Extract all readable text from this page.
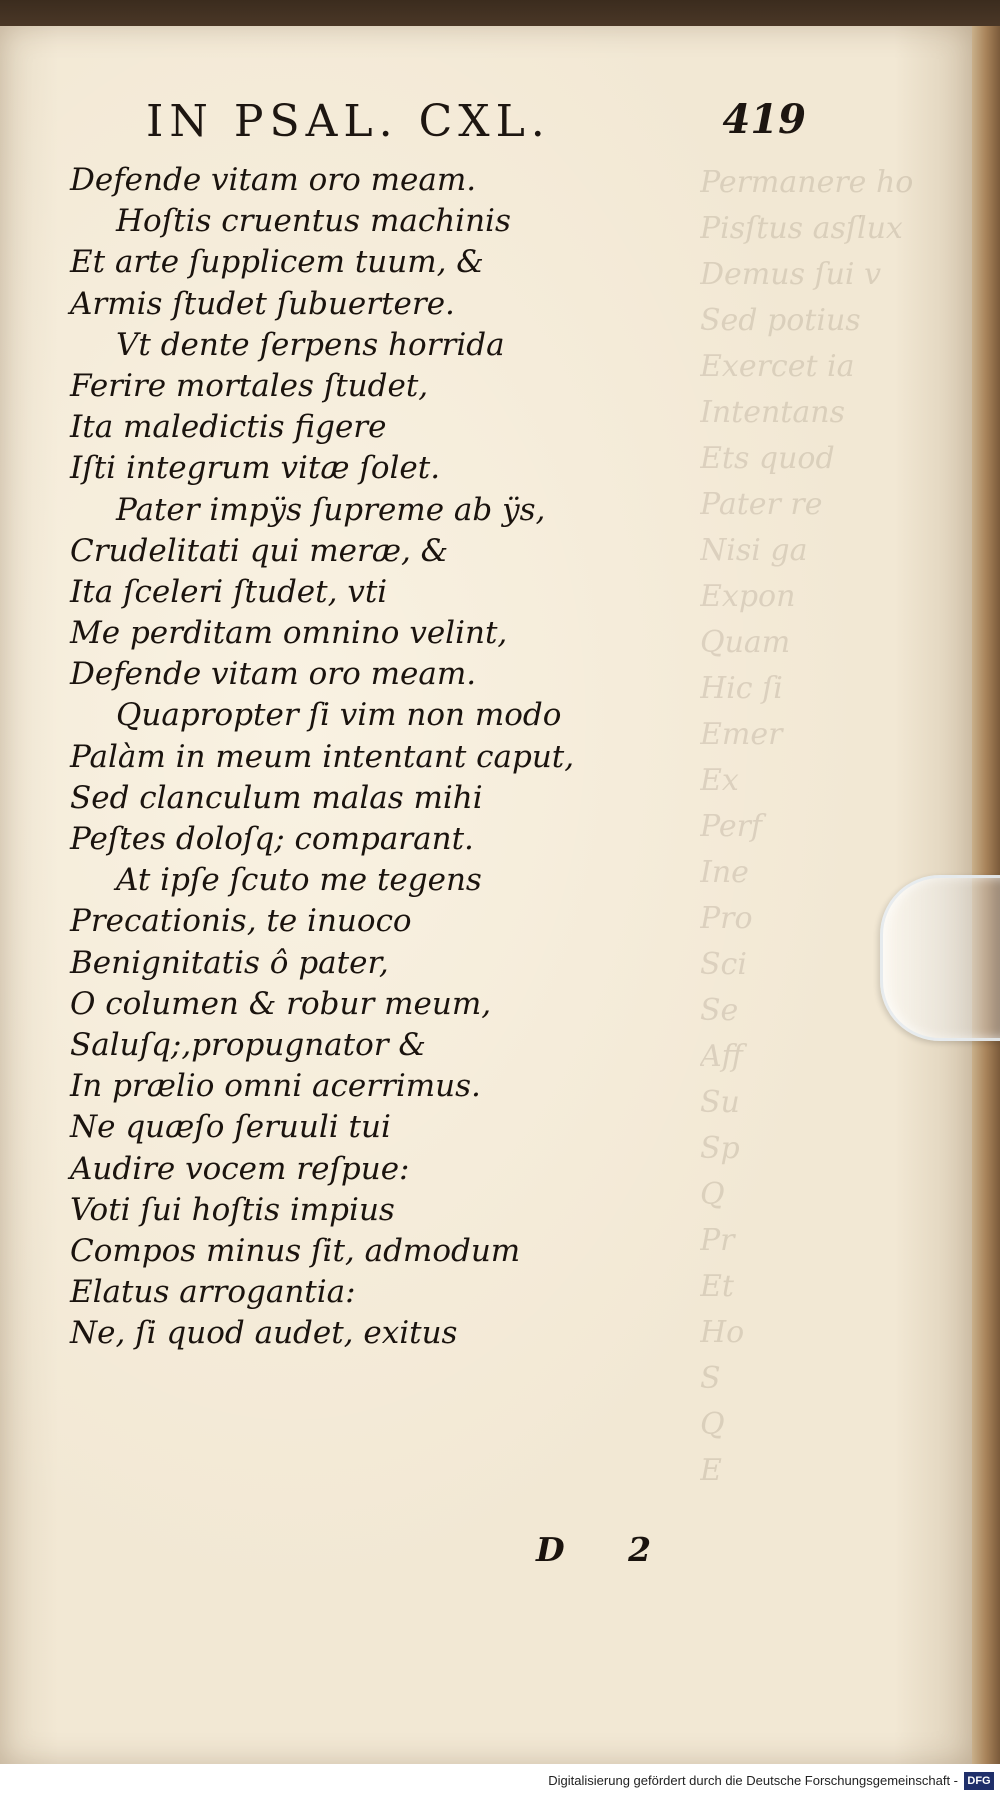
Permanere ho
Pisſtus asſlux
Demus ſui v
Sed potius
Exercet ia
Intentans
Ets quod
Pater re
Nisi ga
Expon
Quam
Hic ſi
Emer
Ex
Perf
Ine
Pro
Sci
Se
Aff
Su
Sp
Q
Pr
Et
Ho
S
Q
E
IN PSAL. CXL.	419
Defende vitam oro meam.
Hoſtis cruentus machinis
Et arte ſupplicem tuum, &
Armis ſtudet ſubuertere.
Vt dente ſerpens horrida
Ferire mortales ſtudet,
Ita maledictis figere
Iſti integrum vitæ ſolet.
Pater impÿs ſupreme ab ÿs,
Crudelitati qui meræ, &
Ita ſceleri ſtudet, vti
Me perditam omnino velint,
Defende vitam oro meam.
Quapropter ſi vim non modo
Palàm in meum intentant caput,
Sed clanculum malas mihi
Peſtes doloſq; comparant.
At ipſe ſcuto me tegens
Precationis, te inuoco
Benignitatis ô pater,
O columen & robur meum,
Saluſq;,propugnator &
In prælio omni acerrimus.
Ne quæſo ſeruuli tui
Audire vocem reſpue:
Voti ſui hoſtis impius
Compos minus ſit, admodum
Elatus arrogantia:
Ne, ſi quod audet, exitus
D 2
Digitalisierung gefördert durch die Deutsche Forschungsgemeinschaft - DFG
